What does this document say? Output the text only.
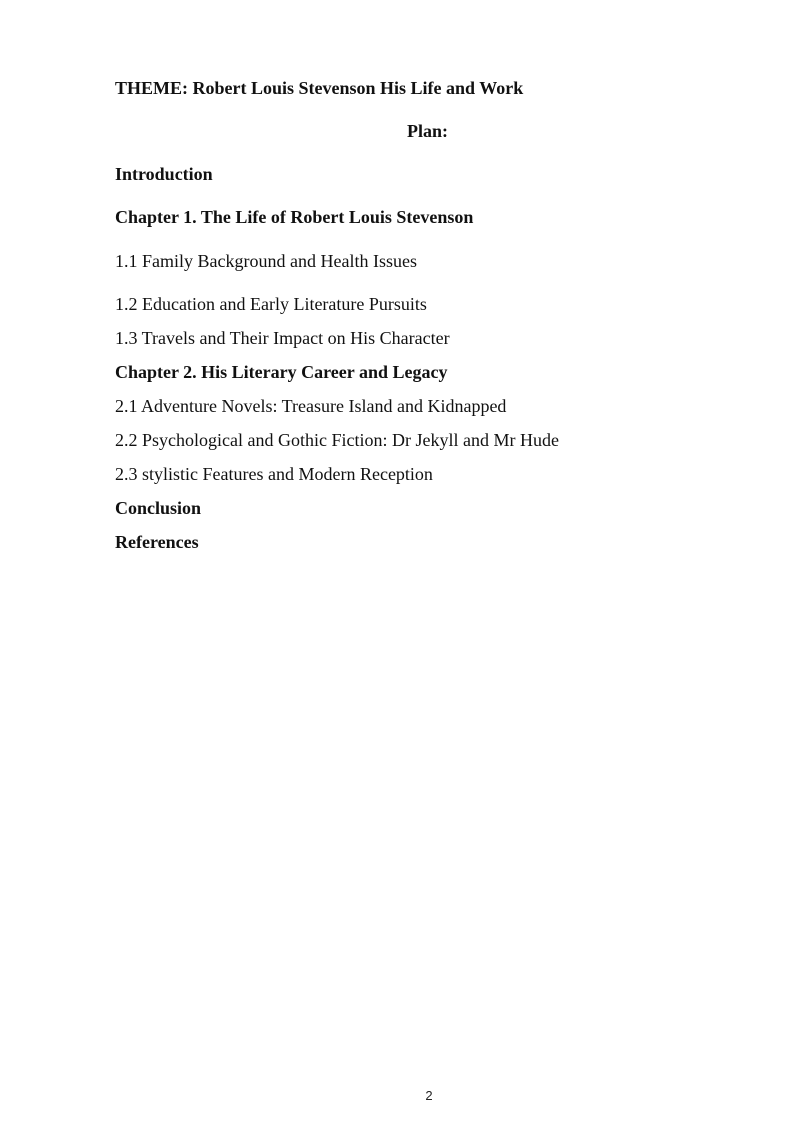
THEME: Robert Louis Stevenson His Life and Work
Plan:
Introduction
Chapter 1. The Life of Robert Louis Stevenson
1.1 Family Background and Health Issues
1.2 Education and Early Literature Pursuits
1.3 Travels and Their Impact on His Character
Chapter 2. His Literary Career and Legacy
2.1 Adventure Novels: Treasure Island and Kidnapped
2.2 Psychological and Gothic Fiction: Dr Jekyll and Mr Hude
2.3 stylistic Features and Modern Reception
Conclusion
References
2
